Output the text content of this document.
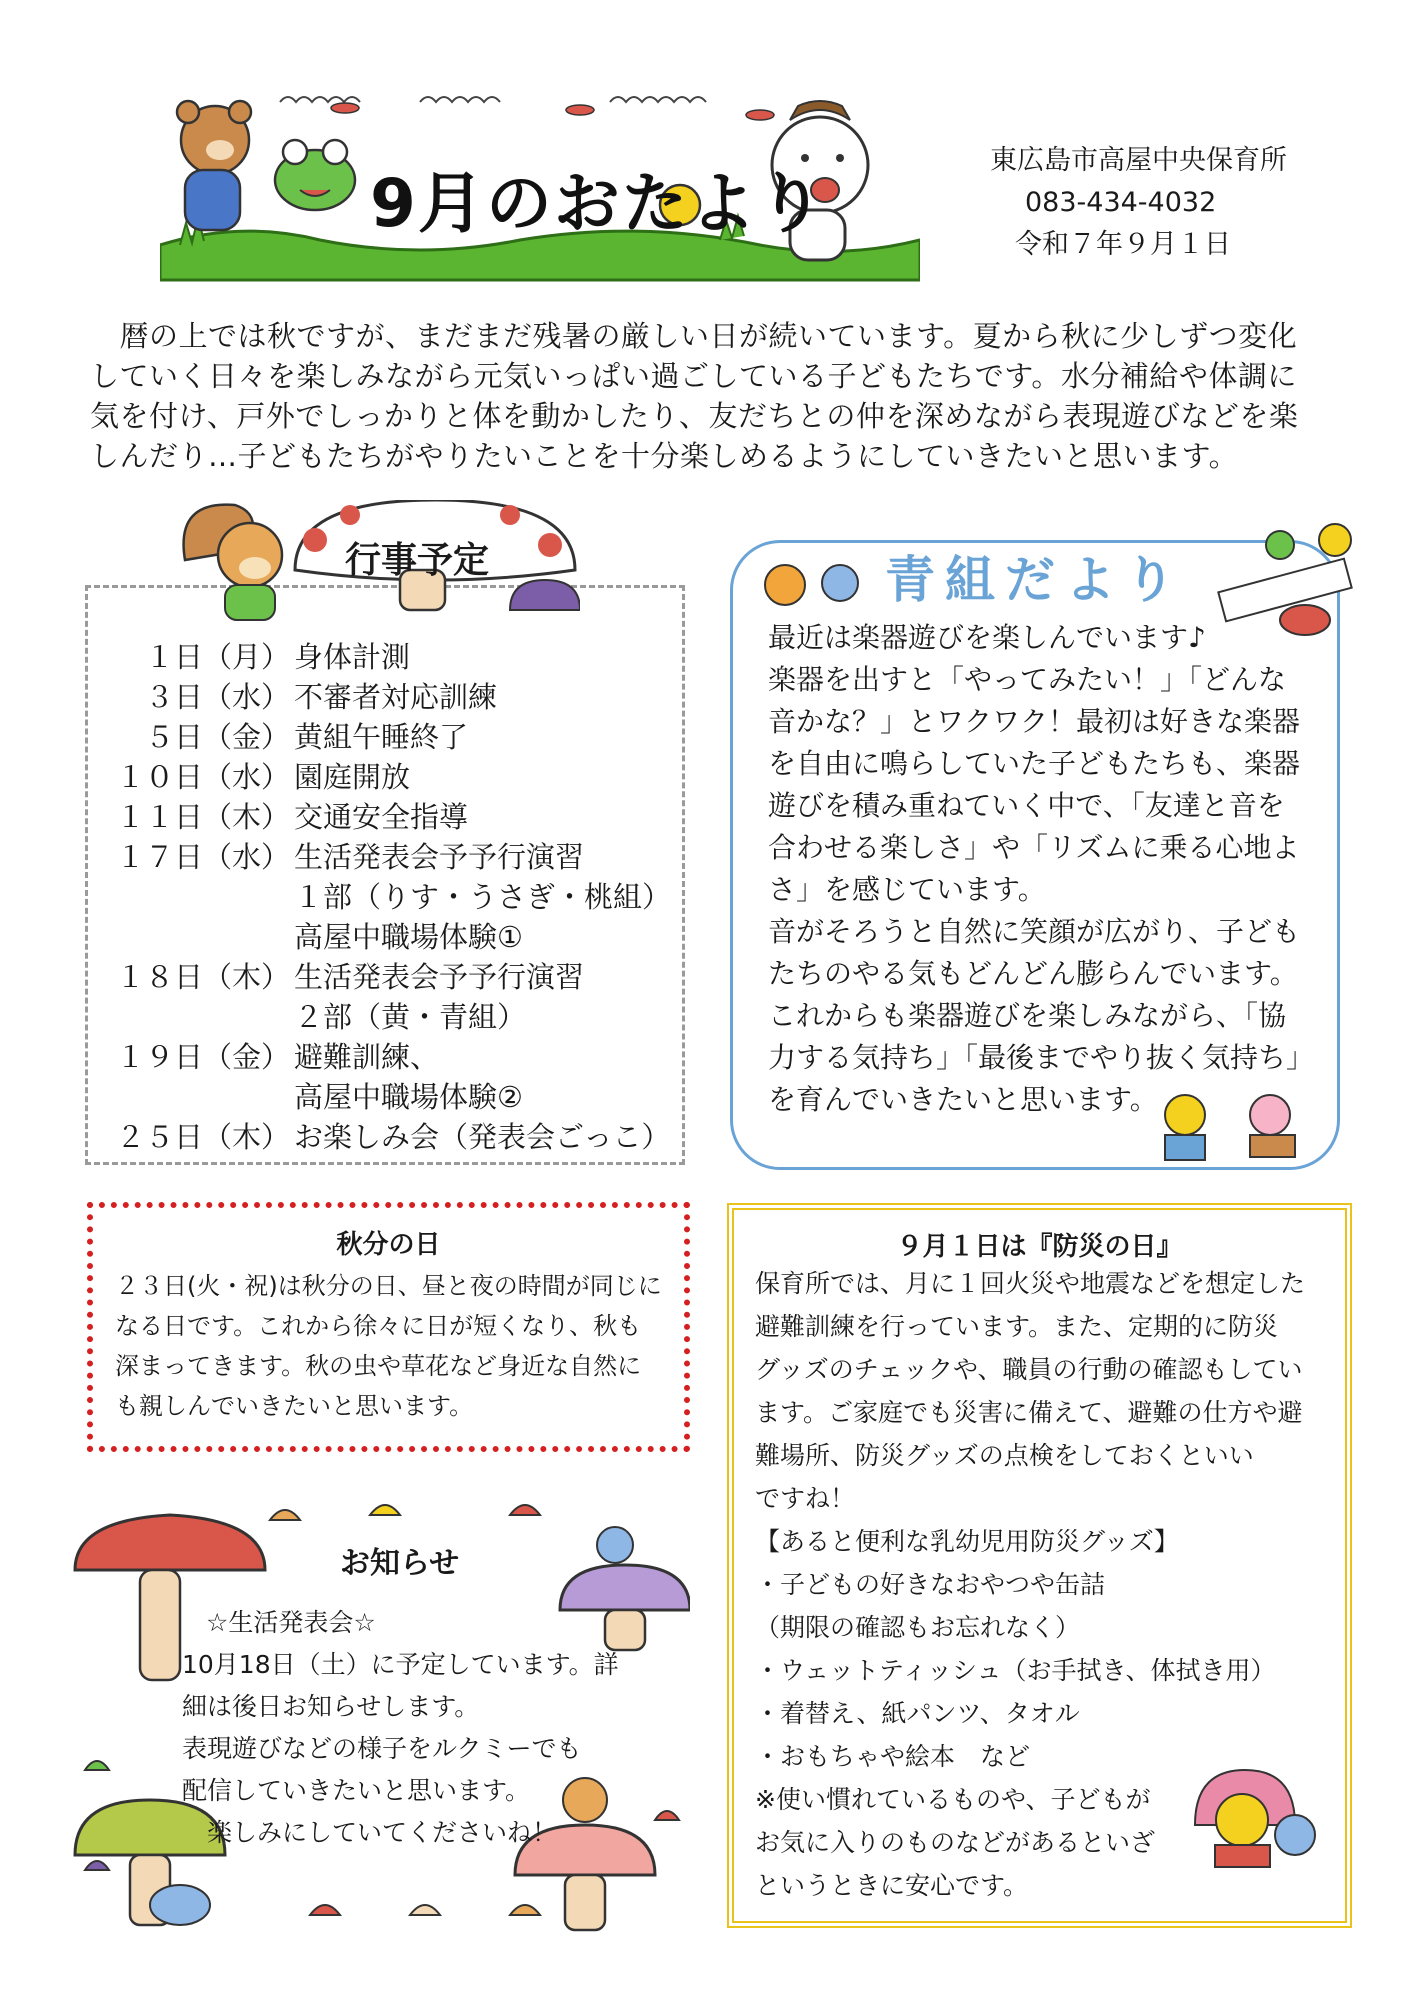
9月のおたより
東広島市高屋中央保育所
083-434-4032
令和７年９月１日
　暦の上では秋ですが、まだまだ残暑の厳しい日が続いています。夏から秋に少しずつ変化
していく日々を楽しみながら元気いっぱい過ごしている子どもたちです。水分補給や体調に
気を付け、戸外でしっかりと体を動かしたり、友だちとの仲を深めながら表現遊びなどを楽
しんだり…子どもたちがやりたいことを十分楽しめるようにしていきたいと思います。
行事予定
１日（月） 身体計測
３日（水） 不審者対応訓練
５日（金） 黄組午睡終了
１０日（水） 園庭開放
１１日（木） 交通安全指導
１７日（水） 生活発表会予予行演習
１部（りす・うさぎ・桃組）
高屋中職場体験①
１８日（木） 生活発表会予予行演習
２部（黄・青組）
１９日（金） 避難訓練、
高屋中職場体験②
２５日（木） お楽しみ会（発表会ごっこ）
青組だより
最近は楽器遊びを楽しんでいます♪
楽器を出すと「やってみたい！」「どんな
音かな？」とワクワク！最初は好きな楽器
を自由に鳴らしていた子どもたちも、楽器
遊びを積み重ねていく中で、「友達と音を
合わせる楽しさ」や「リズムに乗る心地よ
さ」を感じています。
音がそろうと自然に笑顔が広がり、子ども
たちのやる気もどんどん膨らんでいます。
これからも楽器遊びを楽しみながら、「協
力する気持ち」「最後までやり抜く気持ち」
を育んでいきたいと思います。
秋分の日
２３日(火・祝)は秋分の日、昼と夜の時間が同じに
なる日です。これから徐々に日が短くなり、秋も
深まってきます。秋の虫や草花など身近な自然に
も親しんでいきたいと思います。
お知らせ
☆生活発表会☆
10月18日（土）に予定しています。詳
細は後日お知らせします。
表現遊びなどの様子をルクミーでも
配信していきたいと思います。
　楽しみにしていてくださいね！
９月１日は『防災の日』
保育所では、月に１回火災や地震などを想定した
避難訓練を行っています。また、定期的に防災
グッズのチェックや、職員の行動の確認もしてい
ます。ご家庭でも災害に備えて、避難の仕方や避
難場所、防災グッズの点検をしておくといい
ですね！
【あると便利な乳幼児用防災グッズ】
・子どもの好きなおやつや缶詰
（期限の確認もお忘れなく）
・ウェットティッシュ（お手拭き、体拭き用）
・着替え、紙パンツ、タオル
・おもちゃや絵本　など
※使い慣れているものや、子どもが
お気に入りのものなどがあるといざ
というときに安心です。
